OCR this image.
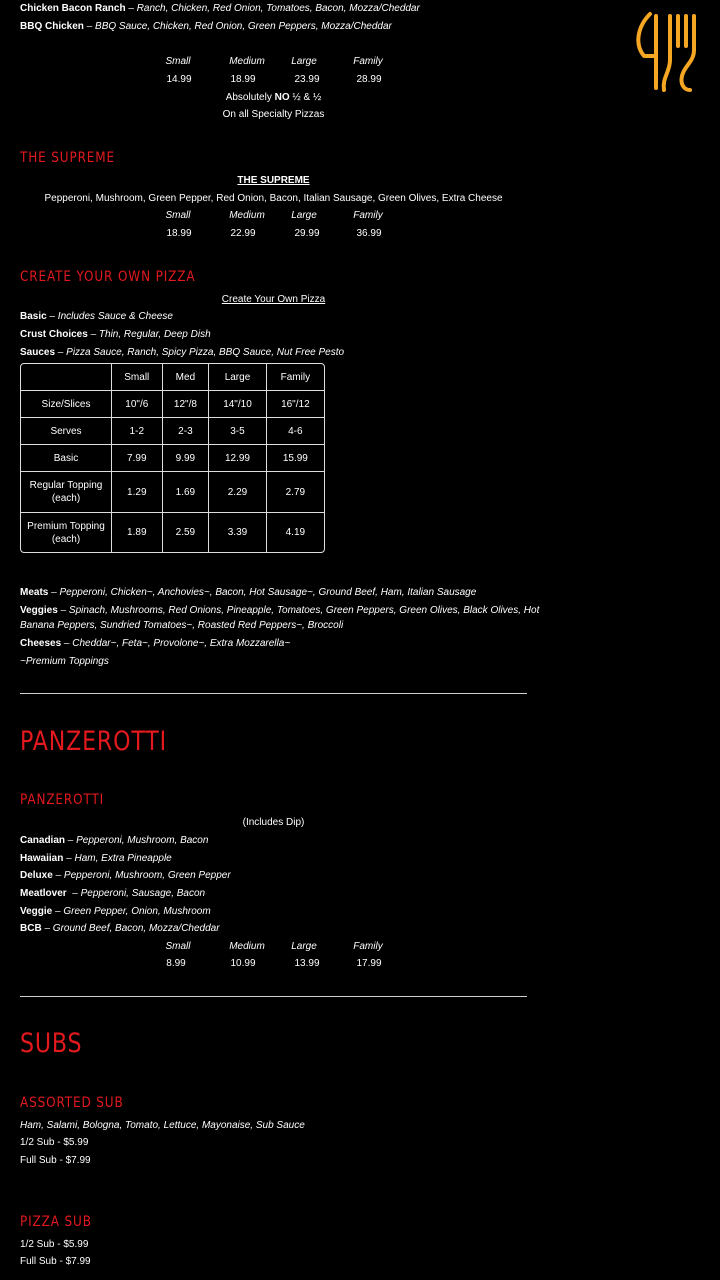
Chicken Bacon Ranch – Ranch, Chicken, Red Onion, Tomatoes, Bacon, Mozza/Cheddar
BBQ Chicken – BBQ Sauce, Chicken, Red Onion, Green Peppers, Mozza/Cheddar
Small	Medium	Large	Family
14.99	18.99	23.99	28.99
Absolutely NO ½ & ½
On all Specialty Pizzas
THE SUPREME
THE SUPREME
Pepperoni, Mushroom, Green Pepper, Red Onion, Bacon, Italian Sausage, Green Olives, Extra Cheese
Small	Medium	Large	Family
18.99	22.99	29.99	36.99
CREATE YOUR OWN PIZZA
Create Your Own Pizza
Basic – Includes Sauce & Cheese
Crust Choices – Thin, Regular, Deep Dish
Sauces – Pizza Sauce, Ranch, Spicy Pizza, BBQ Sauce, Nut Free Pesto
	Small	Med	Large	Family
Size/Slices	10"/6	12"/8	14"/10	16"/12
Serves	1-2	2-3	3-5	4-6
Basic	7.99	9.99	12.99	15.99
Regular Topping (each)	1.29	1.69	2.29	2.79
Premium Topping (each)	1.89	2.59	3.39	4.19
Meats – Pepperoni, Chicken~, Anchovies~, Bacon, Hot Sausage~, Ground Beef, Ham, Italian Sausage
Veggies – Spinach, Mushrooms, Red Onions, Pineapple, Tomatoes, Green Peppers, Green Olives, Black Olives, Hot
Banana Peppers, Sundried Tomatoes~, Roasted Red Peppers~, Broccoli
Cheeses – Cheddar~, Feta~, Provolone~, Extra Mozzarella~
~Premium Toppings
PANZEROTTI
PANZEROTTI
(Includes Dip)
Canadian – Pepperoni, Mushroom, Bacon
Hawaiian – Ham, Extra Pineapple
Deluxe – Pepperoni, Mushroom, Green Pepper
Meatlover  – Pepperoni, Sausage, Bacon
Veggie – Green Pepper, Onion, Mushroom
BCB – Ground Beef, Bacon, Mozza/Cheddar
Small	Medium	Large	Family
8.99	10.99	13.99	17.99
SUBS
ASSORTED SUB
Ham, Salami, Bologna, Tomato, Lettuce, Mayonaise, Sub Sauce
1/2 Sub - $5.99
Full Sub - $7.99
PIZZA SUB
1/2 Sub - $5.99
Full Sub - $7.99
